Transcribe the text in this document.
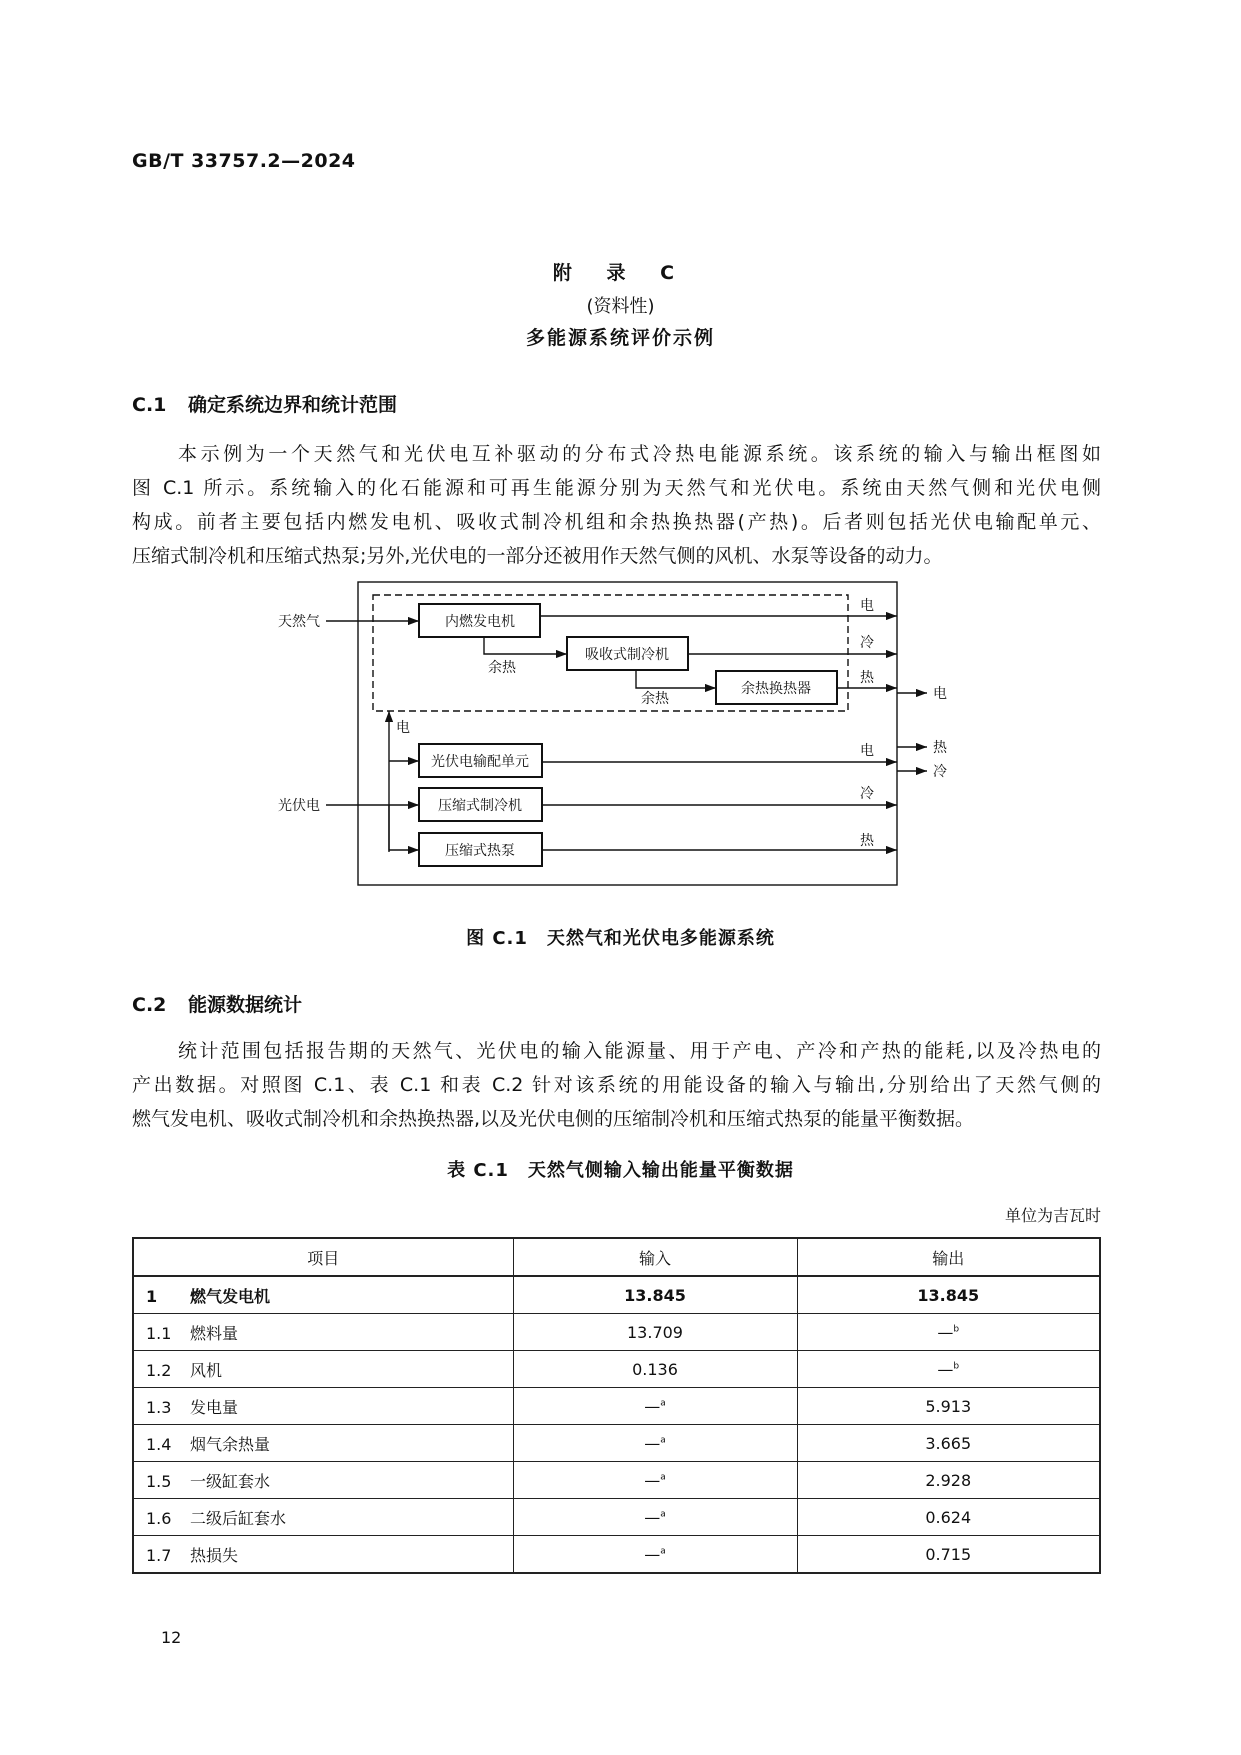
GB/T 33757.2—2024
附 录 C
(资料性)
多能源系统评价示例
C.1 确定系统边界和统计范围
本示例为一个天然气和光伏电互补驱动的分布式冷热电能源系统。该系统的输入与输出框图如
图 C.1 所示。系统输入的化石能源和可再生能源分别为天然气和光伏电。系统由天然气侧和光伏电侧
构成。前者主要包括内燃发电机、吸收式制冷机组和余热换热器(产热)。后者则包括光伏电输配单元、
压缩式制冷机和压缩式热泵;另外,光伏电的一部分还被用作天然气侧的风机、水泵等设备的动力。
天然气
光伏电
内燃发电机
吸收式制冷机
余热换热器
光伏电输配单元
压缩式制冷机
压缩式热泵
余热
余热
电
电
冷
热
电
冷
热
电
热
冷
图 C.1　天然气和光伏电多能源系统
C.2 能源数据统计
统计范围包括报告期的天然气、光伏电的输入能源量、用于产电、产冷和产热的能耗,以及冷热电的
产出数据。对照图 C.1、表 C.1 和表 C.2 针对该系统的用能设备的输入与输出,分别给出了天然气侧的
燃气发电机、吸收式制冷机和余热换热器,以及光伏电侧的压缩制冷机和压缩式热泵的能量平衡数据。
表 C.1　天然气侧输入输出能量平衡数据
单位为吉瓦时
项目	输入	输出
1 燃气发电机	13.845	13.845
1.1 燃料量	13.709	—$^b$
1.2 风机	0.136	—$^b$
1.3 发电量	—$^a$	5.913
1.4 烟气余热量	—$^a$	3.665
1.5 一级缸套水	—$^a$	2.928
1.6 二级后缸套水	—$^a$	0.624
1.7 热损失	—$^a$	0.715
12
